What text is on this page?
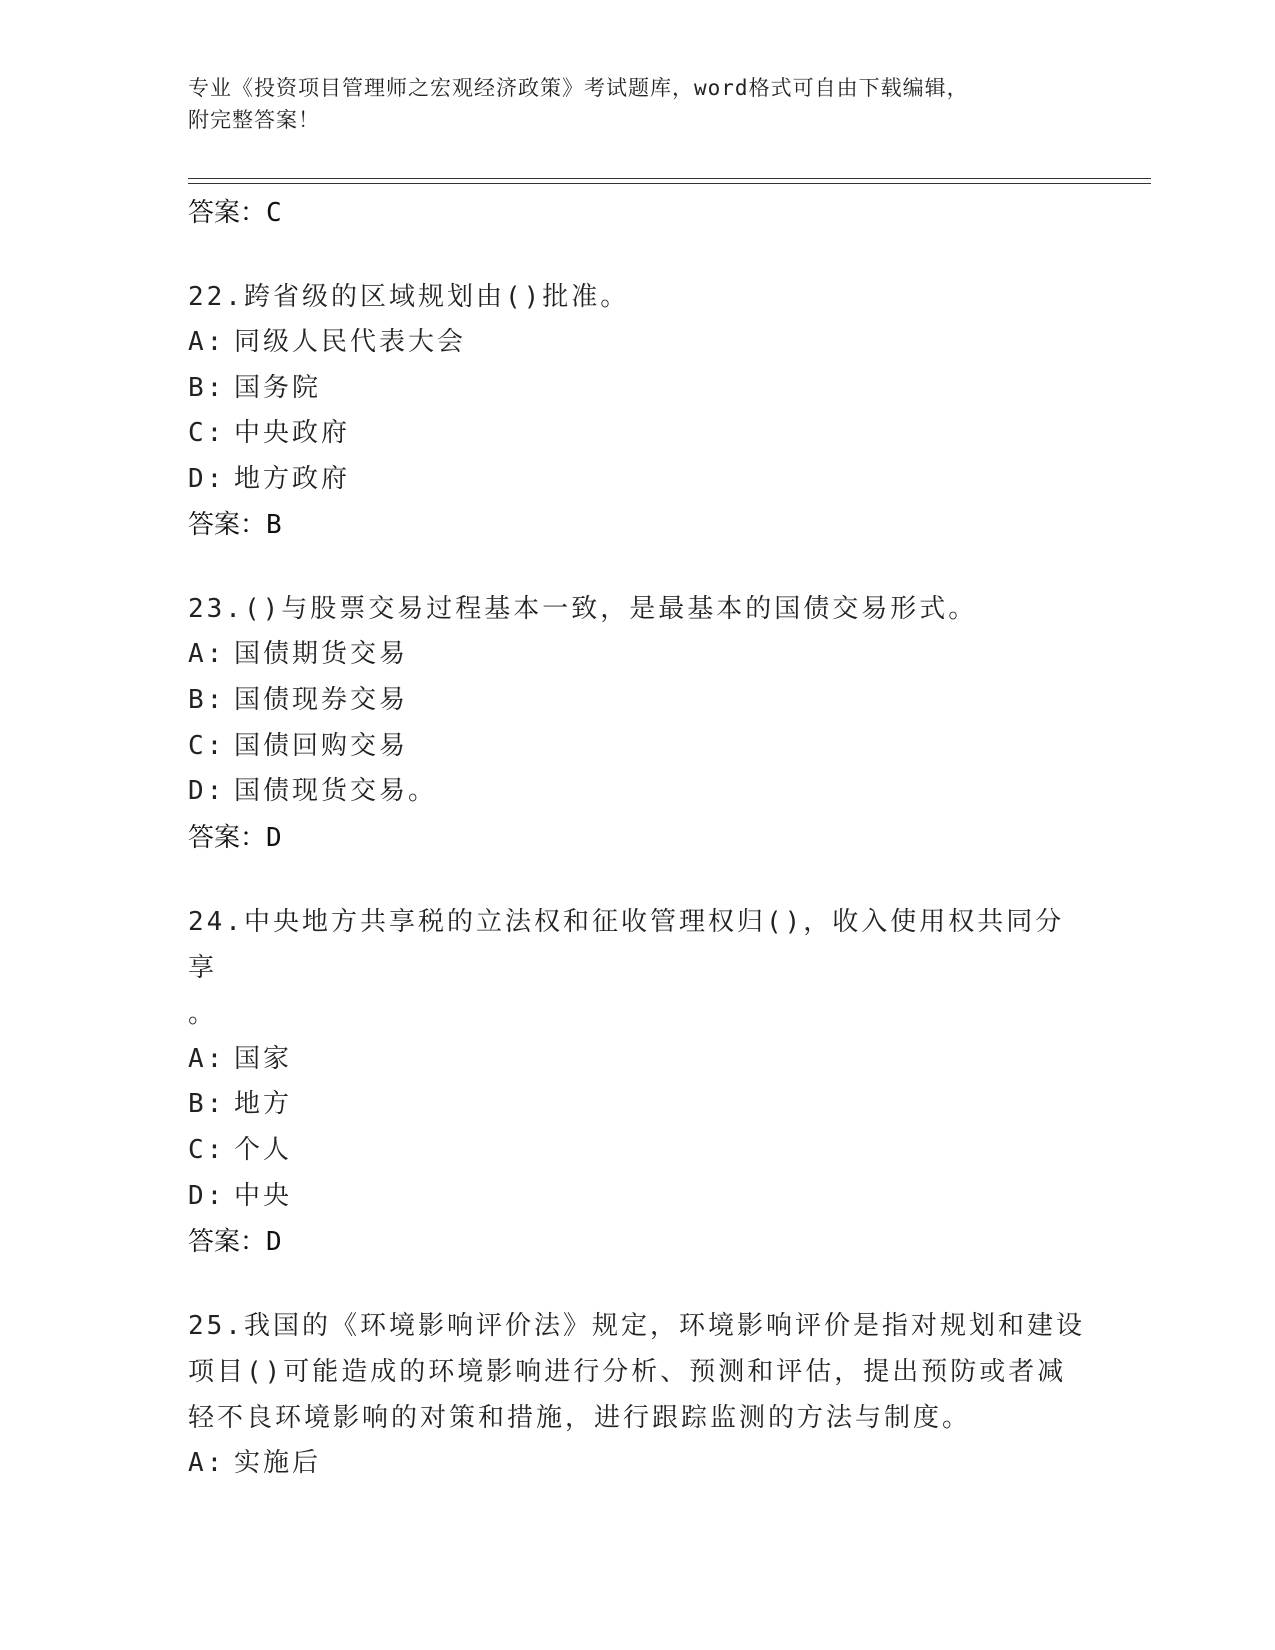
专业《投资项目管理师之宏观经济政策》考试题库，word格式可自由下载编辑，
附完整答案！
答案：C
22.跨省级的区域规划由()批准。
A: 同级人民代表大会
B: 国务院
C: 中央政府
D: 地方政府
答案：B
23.()与股票交易过程基本一致，是最基本的国债交易形式。
A: 国债期货交易
B: 国债现券交易
C: 国债回购交易
D: 国债现货交易。
答案：D
24.中央地方共享税的立法权和征收管理权归()，收入使用权共同分享
。
A: 国家
B: 地方
C: 个人
D: 中央
答案：D
25.我国的《环境影响评价法》规定，环境影响评价是指对规划和建设
项目()可能造成的环境影响进行分析、预测和评估，提出预防或者减
轻不良环境影响的对策和措施，进行跟踪监测的方法与制度。
A: 实施后
